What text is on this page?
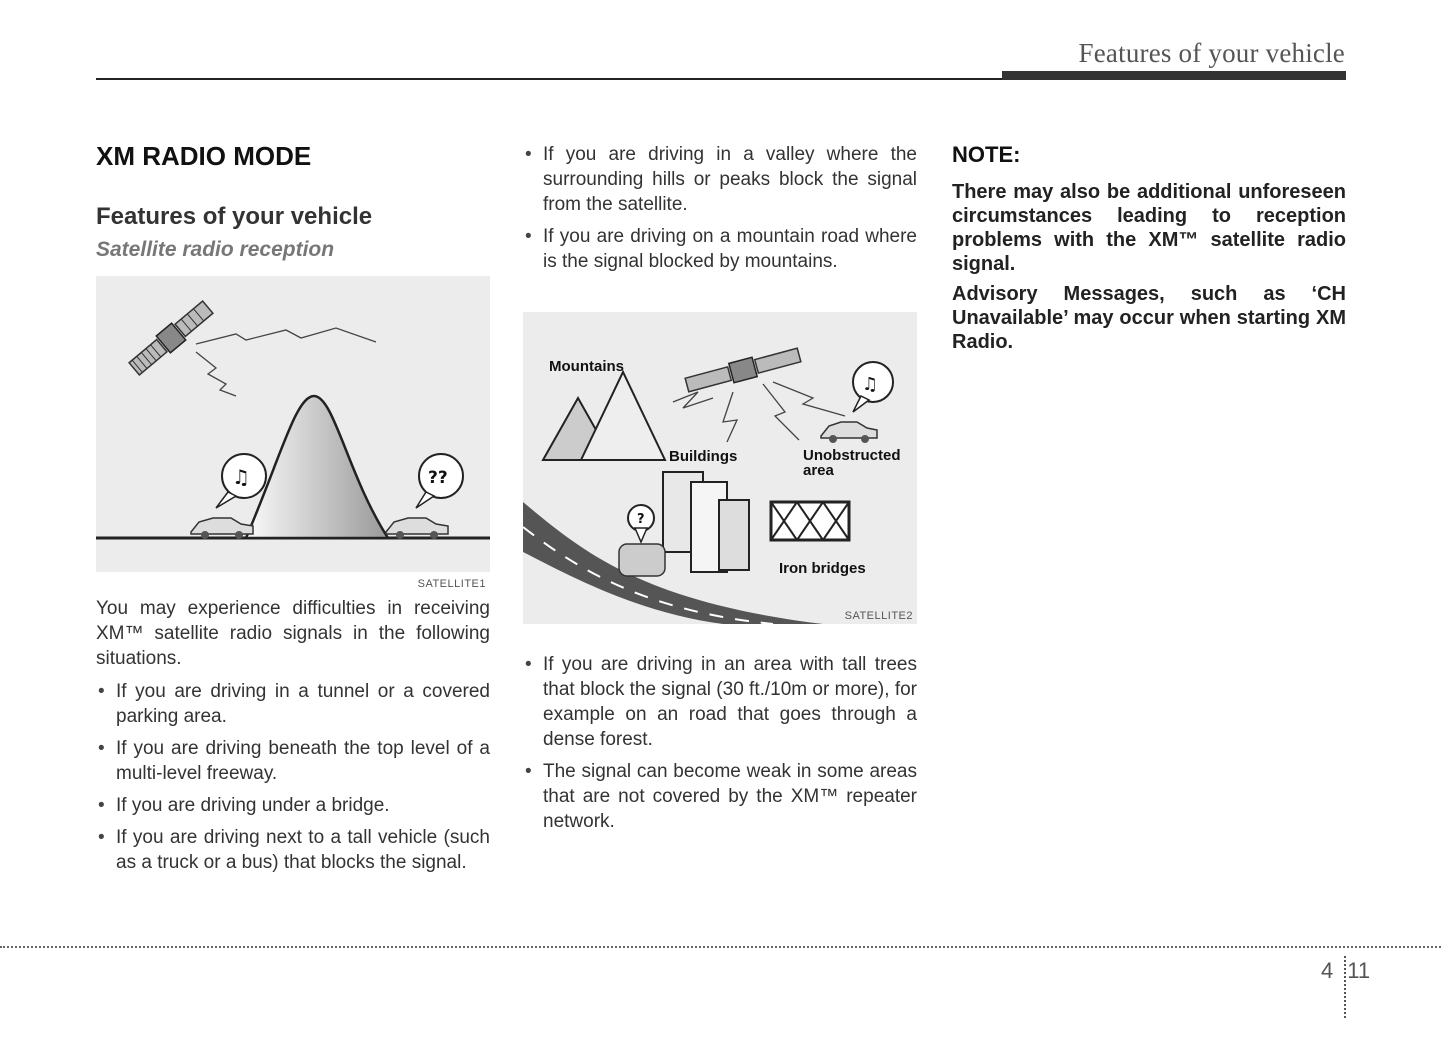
Features of your vehicle
XM RADIO MODE
Features of your vehicle
Satellite radio reception
♫	??
SATELLITE1
You may experience difficulties in receiving XM™ satellite radio signals in the following situations.
• If you are driving in a tunnel or a covered parking area.
• If you are driving beneath the top level of a multi-level freeway.
• If you are driving under a bridge.
• If you are driving next to a tall vehicle (such as a truck or a bus) that blocks the signal.
• If you are driving in a valley where the surrounding hills or peaks block the signal from the satellite.
• If you are driving on a mountain road where is the signal blocked by mountains.
?
♫
Mountains
Buildings	Unobstructed area
Iron bridges
SATELLITE2
• If you are driving in an area with tall trees that block the signal (30 ft./10m or more), for example on an road that goes through a dense forest.
• The signal can become weak in some areas that are not covered by the XM™ repeater network.
NOTE:
There may also be additional unforeseen circumstances leading to reception problems with the XM™ satellite radio signal.
Advisory Messages, such as ‘CH Unavailable’ may occur when starting XM Radio.
4 11
